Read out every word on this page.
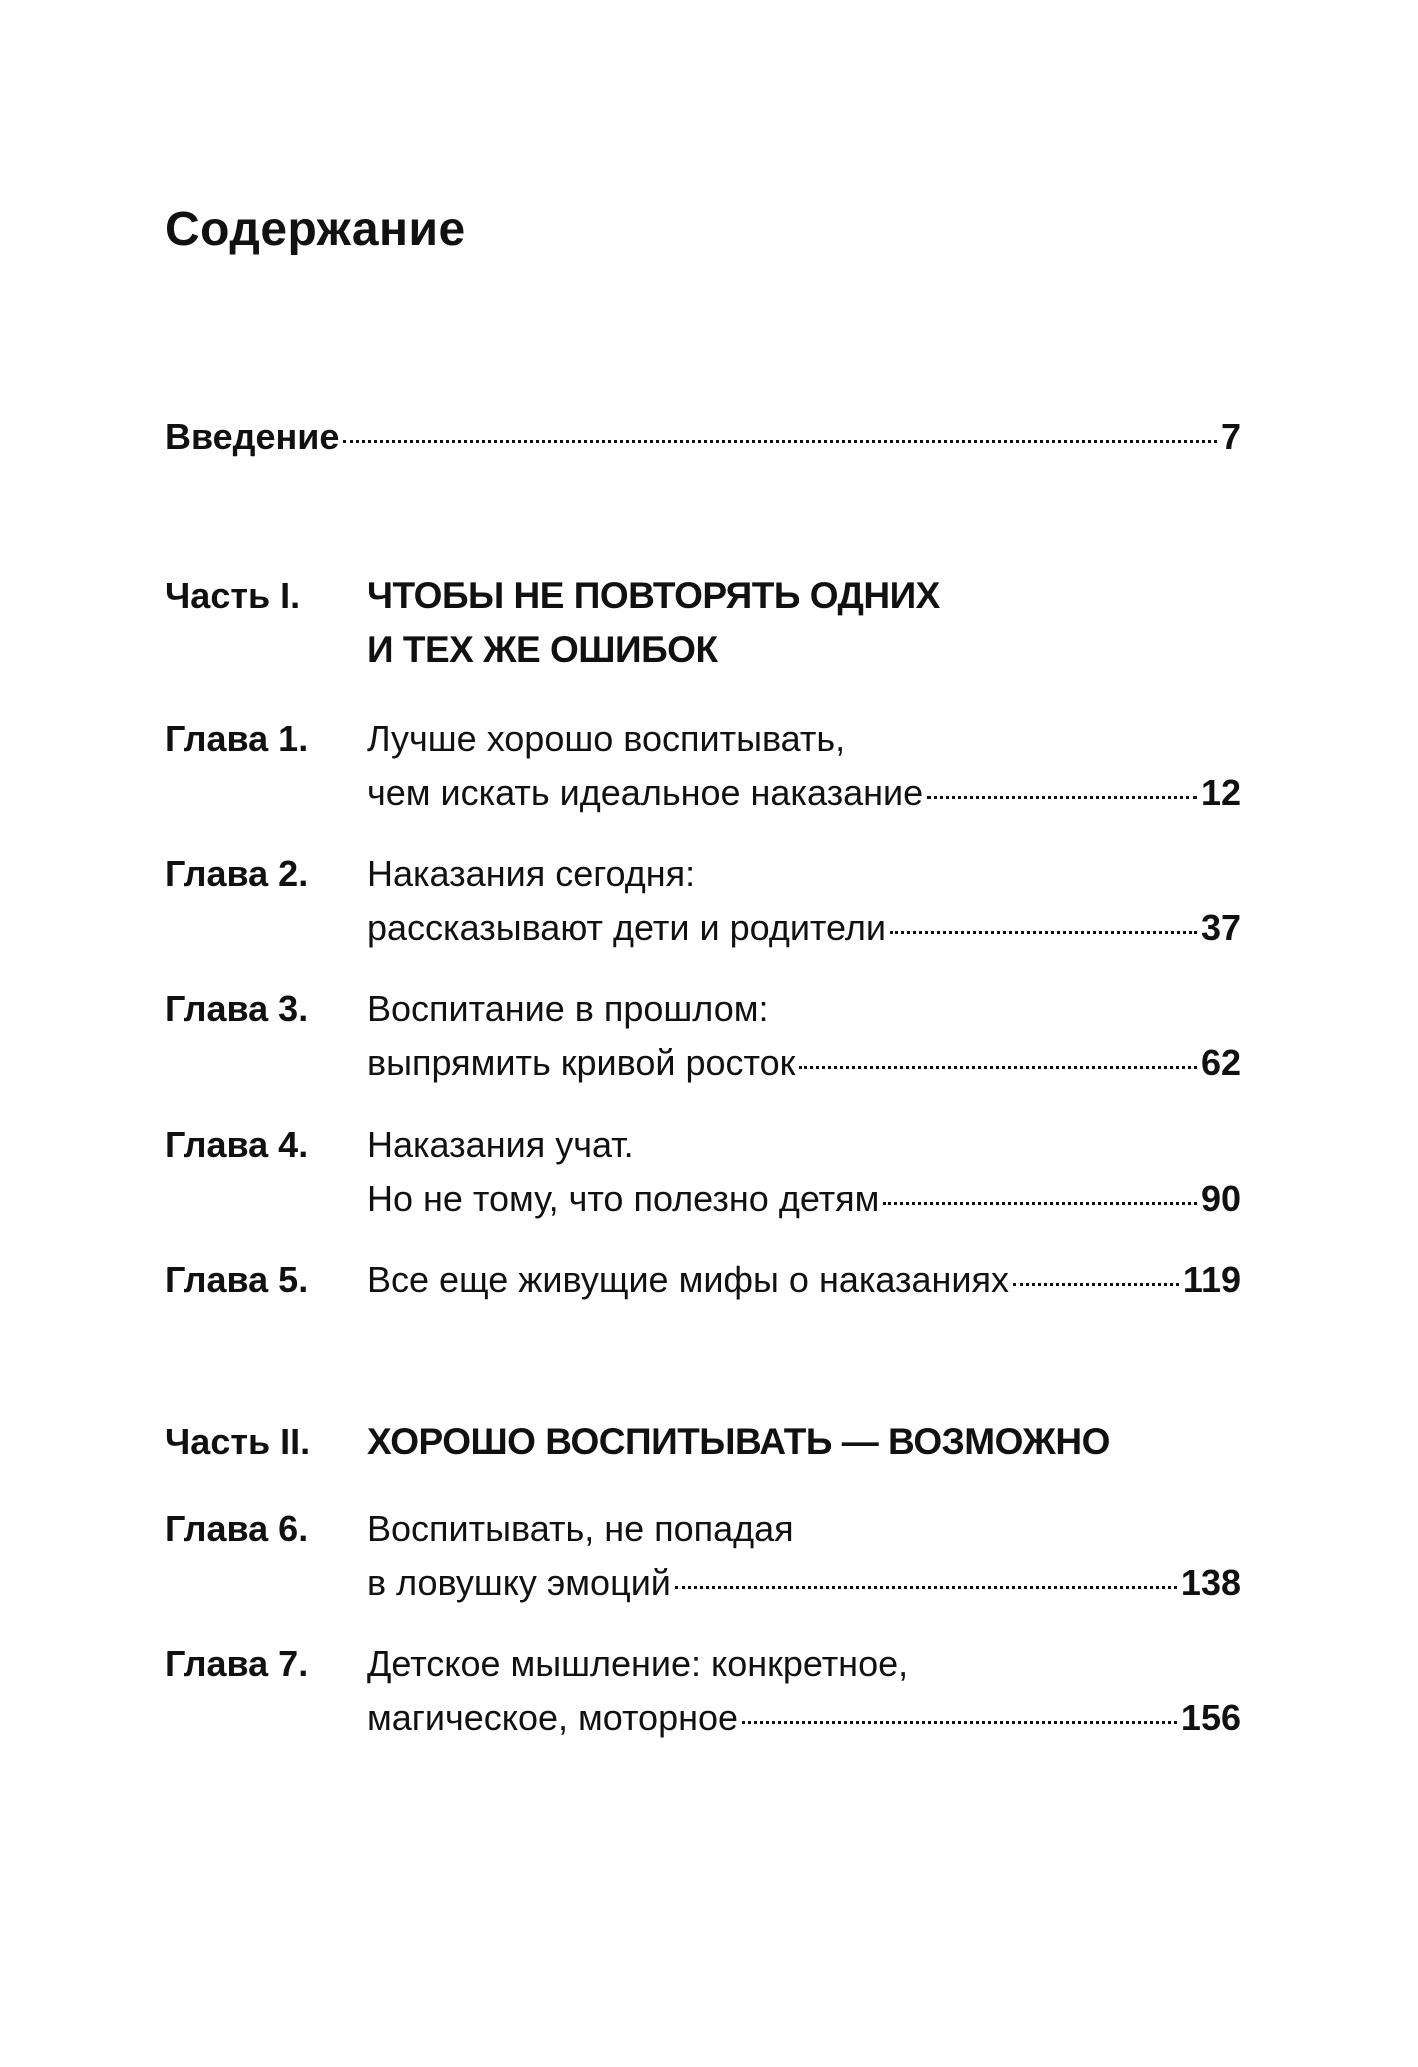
Содержание
Введение	7
Часть I. ЧТОБЫ НЕ ПОВТОРЯТЬ ОДНИХ
И ТЕХ ЖЕ ОШИБОК
Глава 1. Лучше хорошо воспитывать,
чем искать идеальное наказание	12
Глава 2. Наказания сегодня:
рассказывают дети и родители	37
Глава 3. Воспитание в прошлом:
выпрямить кривой росток	62
Глава 4. Наказания учат.
Но не тому, что полезно детям	90
Глава 5. Все еще живущие мифы о наказаниях	119
Часть II. ХОРОШО ВОСПИТЫВАТЬ — ВОЗМОЖНО
Глава 6. Воспитывать, не попадая
в ловушку эмоций	138
Глава 7. Детское мышление: конкретное,
магическое, моторное	156
